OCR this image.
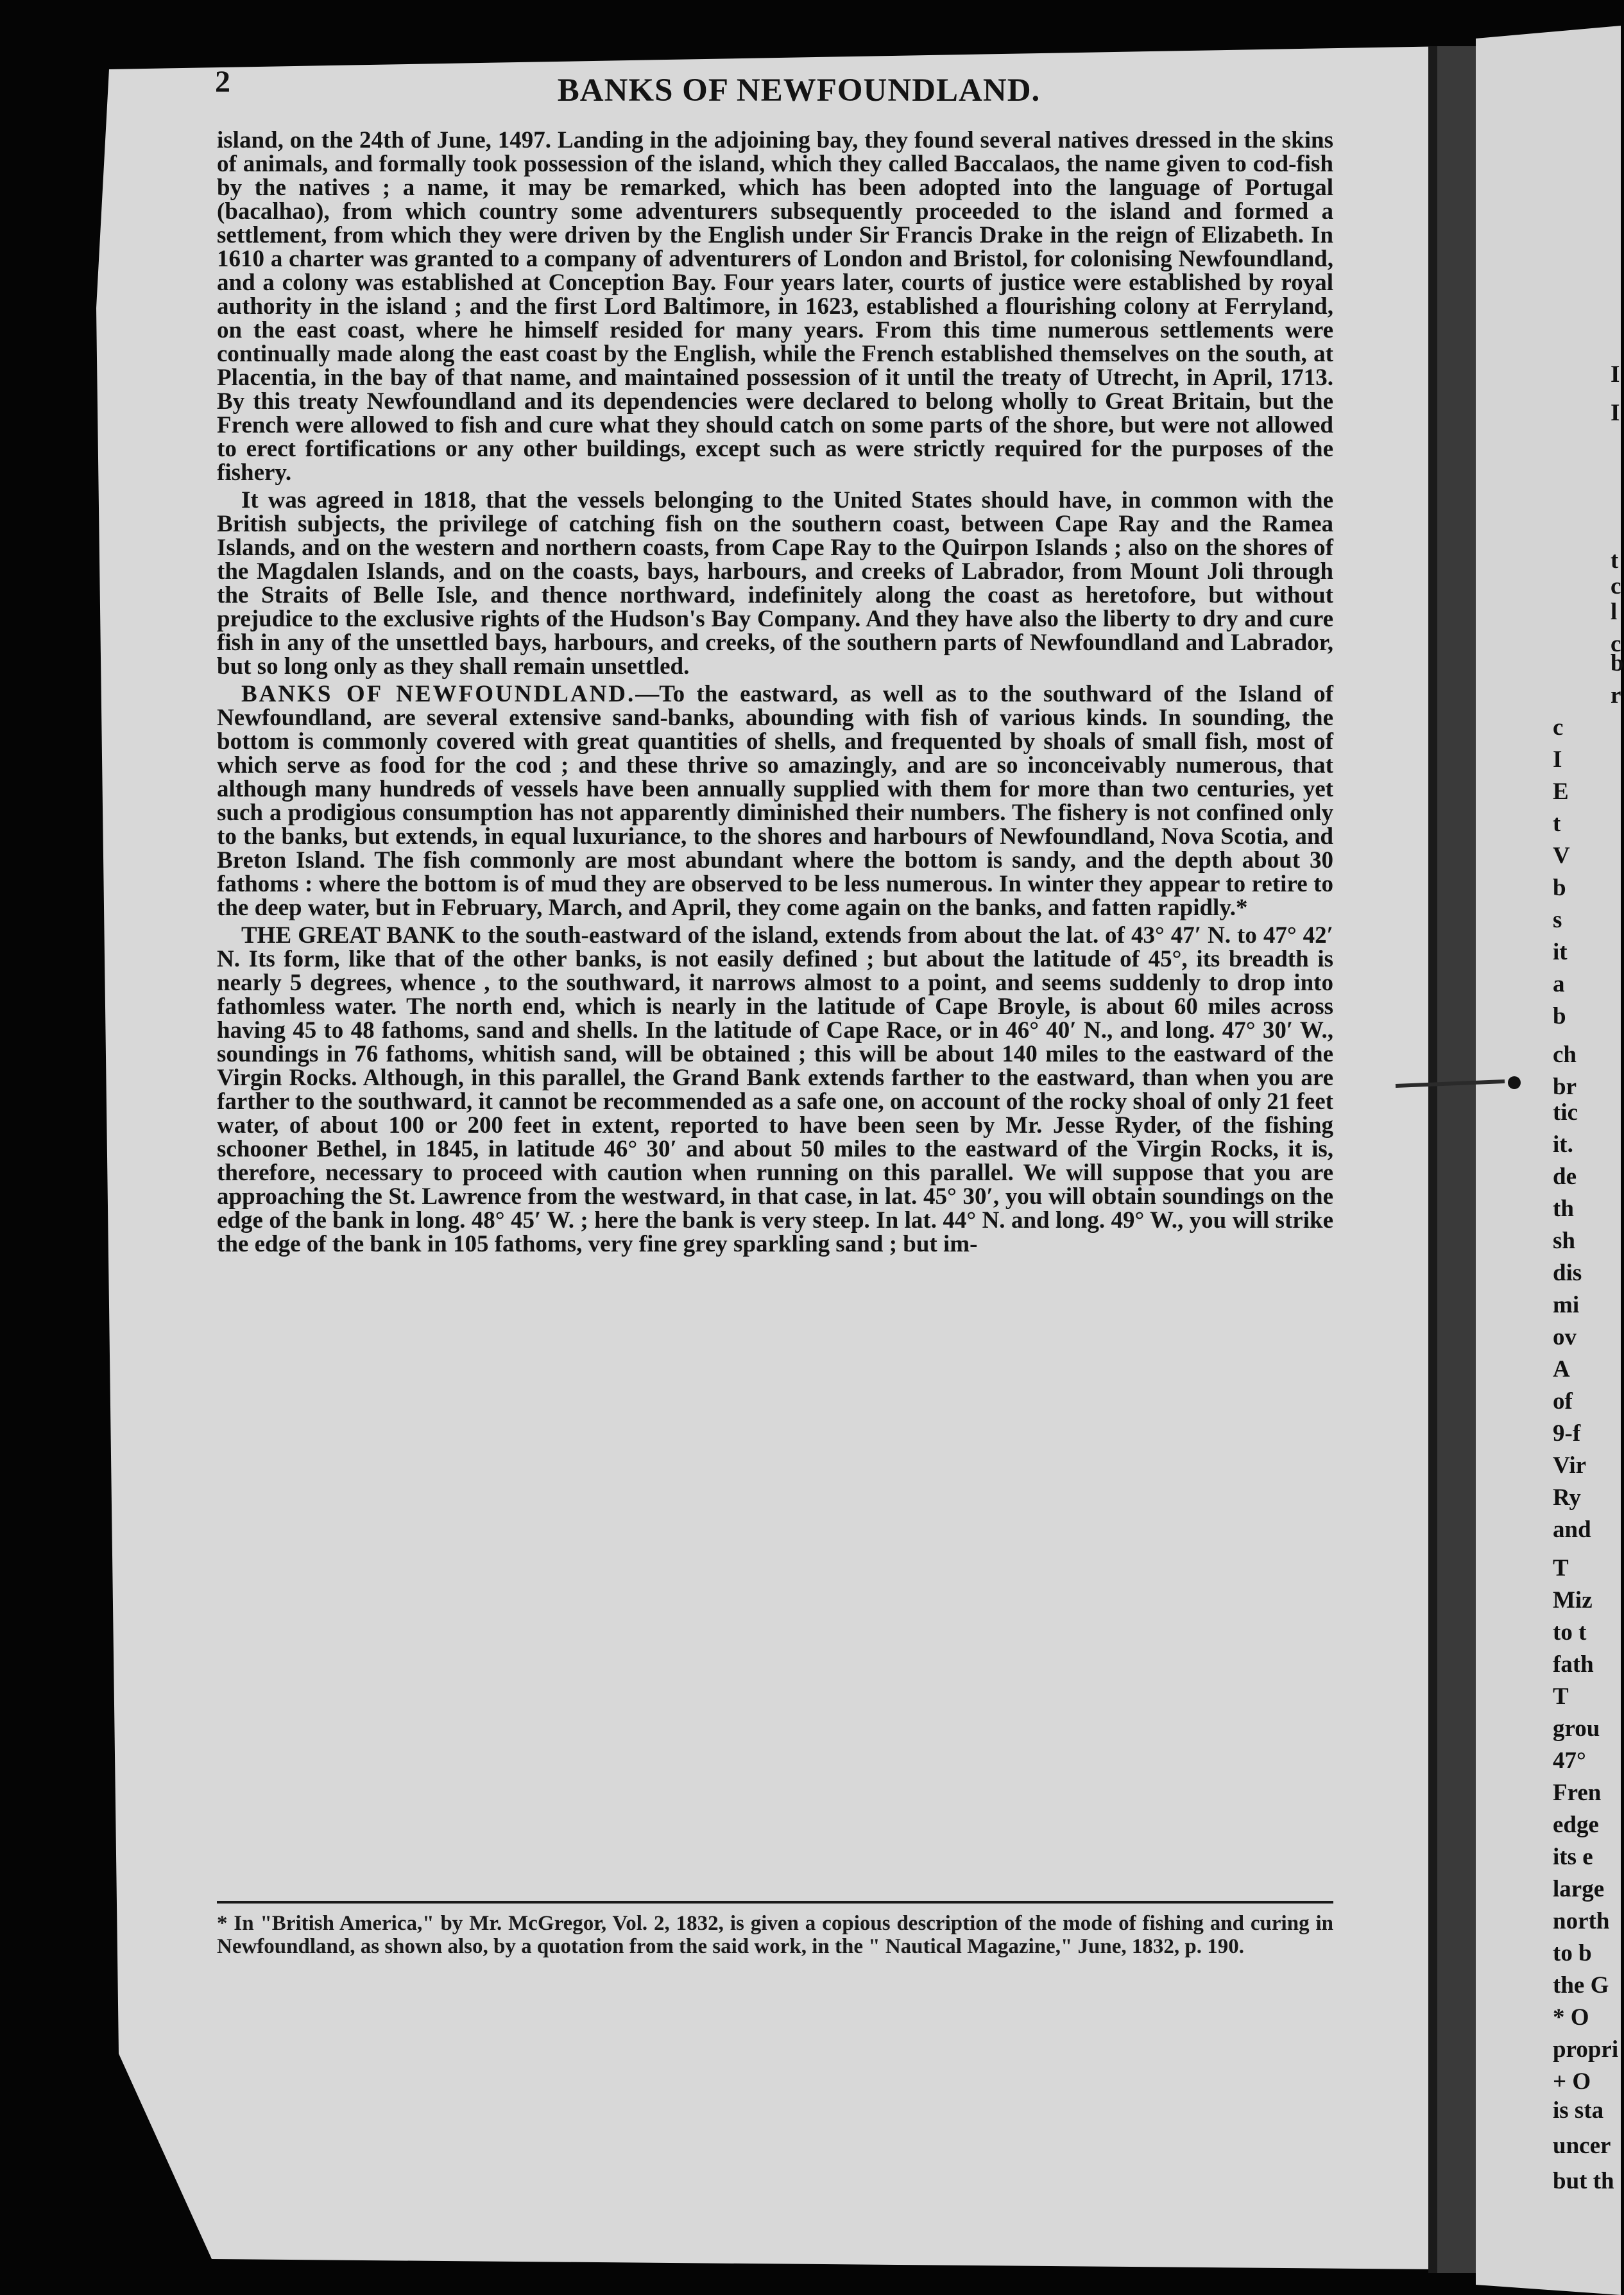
2	BANKS OF NEWFOUNDLAND.

island, on the 24th of June, 1497. Landing in the adjoining bay, they found several natives dressed in the skins of animals, and formally took possession of the island, which they called Baccalaos, the name given to cod-fish by the natives ; a name, it may be remarked, which has been adopted into the language of Portugal (bacalhao), from which country some adventurers subsequently proceeded to the island and formed a settlement, from which they were driven by the English under Sir Francis Drake in the reign of Elizabeth. In 1610 a charter was granted to a company of adventurers of London and Bristol, for colonising Newfoundland, and a colony was established at Conception Bay. Four years later, courts of justice were established by royal authority in the island ; and the first Lord Baltimore, in 1623, established a flourishing colony at Ferryland, on the east coast, where he himself resided for many years. From this time numerous settlements were continually made along the east coast by the English, while the French established themselves on the south, at Placentia, in the bay of that name, and maintained possession of it until the treaty of Utrecht, in April, 1713. By this treaty Newfoundland and its dependencies were declared to belong wholly to Great Britain, but the French were allowed to fish and cure what they should catch on some parts of the shore, but were not allowed to erect fortifications or any other buildings, except such as were strictly required for the purposes of the fishery.

It was agreed in 1818, that the vessels belonging to the United States should have, in common with the British subjects, the privilege of catching fish on the southern coast, between Cape Ray and the Ramea Islands, and on the western and northern coasts, from Cape Ray to the Quirpon Islands ; also on the shores of the Magdalen Islands, and on the coasts, bays, harbours, and creeks of Labrador, from Mount Joli through the Straits of Belle Isle, and thence northward, indefinitely along the coast as heretofore, but without prejudice to the exclusive rights of the Hudson's Bay Company. And they have also the liberty to dry and cure fish in any of the unsettled bays, harbours, and creeks, of the southern parts of Newfoundland and Labrador, but so long only as they shall remain unsettled.

BANKS OF NEWFOUNDLAND.—To the eastward, as well as to the southward of the Island of Newfoundland, are several extensive sand-banks, abounding with fish of various kinds. In sounding, the bottom is commonly covered with great quantities of shells, and frequented by shoals of small fish, most of which serve as food for the cod ; and these thrive so amazingly, and are so inconceivably numerous, that although many hundreds of vessels have been annually supplied with them for more than two centuries, yet such a prodigious consumption has not apparently diminished their numbers. The fishery is not confined only to the banks, but extends, in equal luxuriance, to the shores and harbours of Newfoundland, Nova Scotia, and Breton Island. The fish commonly are most abundant where the bottom is sandy, and the depth about 30 fathoms : where the bottom is of mud they are observed to be less numerous. In winter they appear to retire to the deep water, but in February, March, and April, they come again on the banks, and fatten rapidly.*

THE GREAT BANK to the south-eastward of the island, extends from about the lat. of 43° 47′ N. to 47° 42′ N. Its form, like that of the other banks, is not easily defined ; but about the latitude of 45°, its breadth is nearly 5 degrees, whence , to the southward, it narrows almost to a point, and seems suddenly to drop into fathomless water. The north end, which is nearly in the latitude of Cape Broyle, is about 60 miles across having 45 to 48 fathoms, sand and shells. In the latitude of Cape Race, or in 46° 40′ N., and long. 47° 30′ W., soundings in 76 fathoms, whitish sand, will be obtained ; this will be about 140 miles to the eastward of the Virgin Rocks. Although, in this parallel, the Grand Bank extends farther to the eastward, than when you are farther to the southward, it cannot be recommended as a safe one, on account of the rocky shoal of only 21 feet water, of about 100 or 200 feet in extent, reported to have been seen by Mr. Jesse Ryder, of the fishing schooner Bethel, in 1845, in latitude 46° 30′ and about 50 miles to the eastward of the Virgin Rocks, it is, therefore, necessary to proceed with caution when running on this parallel. We will suppose that you are approaching the St. Lawrence from the westward, in that case, in lat. 45° 30′, you will obtain soundings on the edge of the bank in long. 48° 45′ W. ; here the bank is very steep. In lat. 44° N. and long. 49° W., you will strike the edge of the bank in 105 fathoms, very fine grey sparkling sand ; but im-

* In "British America," by Mr. McGregor, Vol. 2, 1832, is given a copious description of the mode of fishing and curing in Newfoundland, as shown also, by a quotation from the said work, in the " Nautical Magazine," June, 1832, p. 190.
I
I
c
t
l
c
b
r
c
I
E
t
V
b
s
it
a
b
ch
br
tic
it.
de
th
sh
dis
mi
ov
A
of
9-f
Vir
Ry
and
T
Miz
to t
fath
T
grou
47°
Fren
edge
its e
large
north
to b
the G
* O
propri
+ O
is sta
uncer
but th
